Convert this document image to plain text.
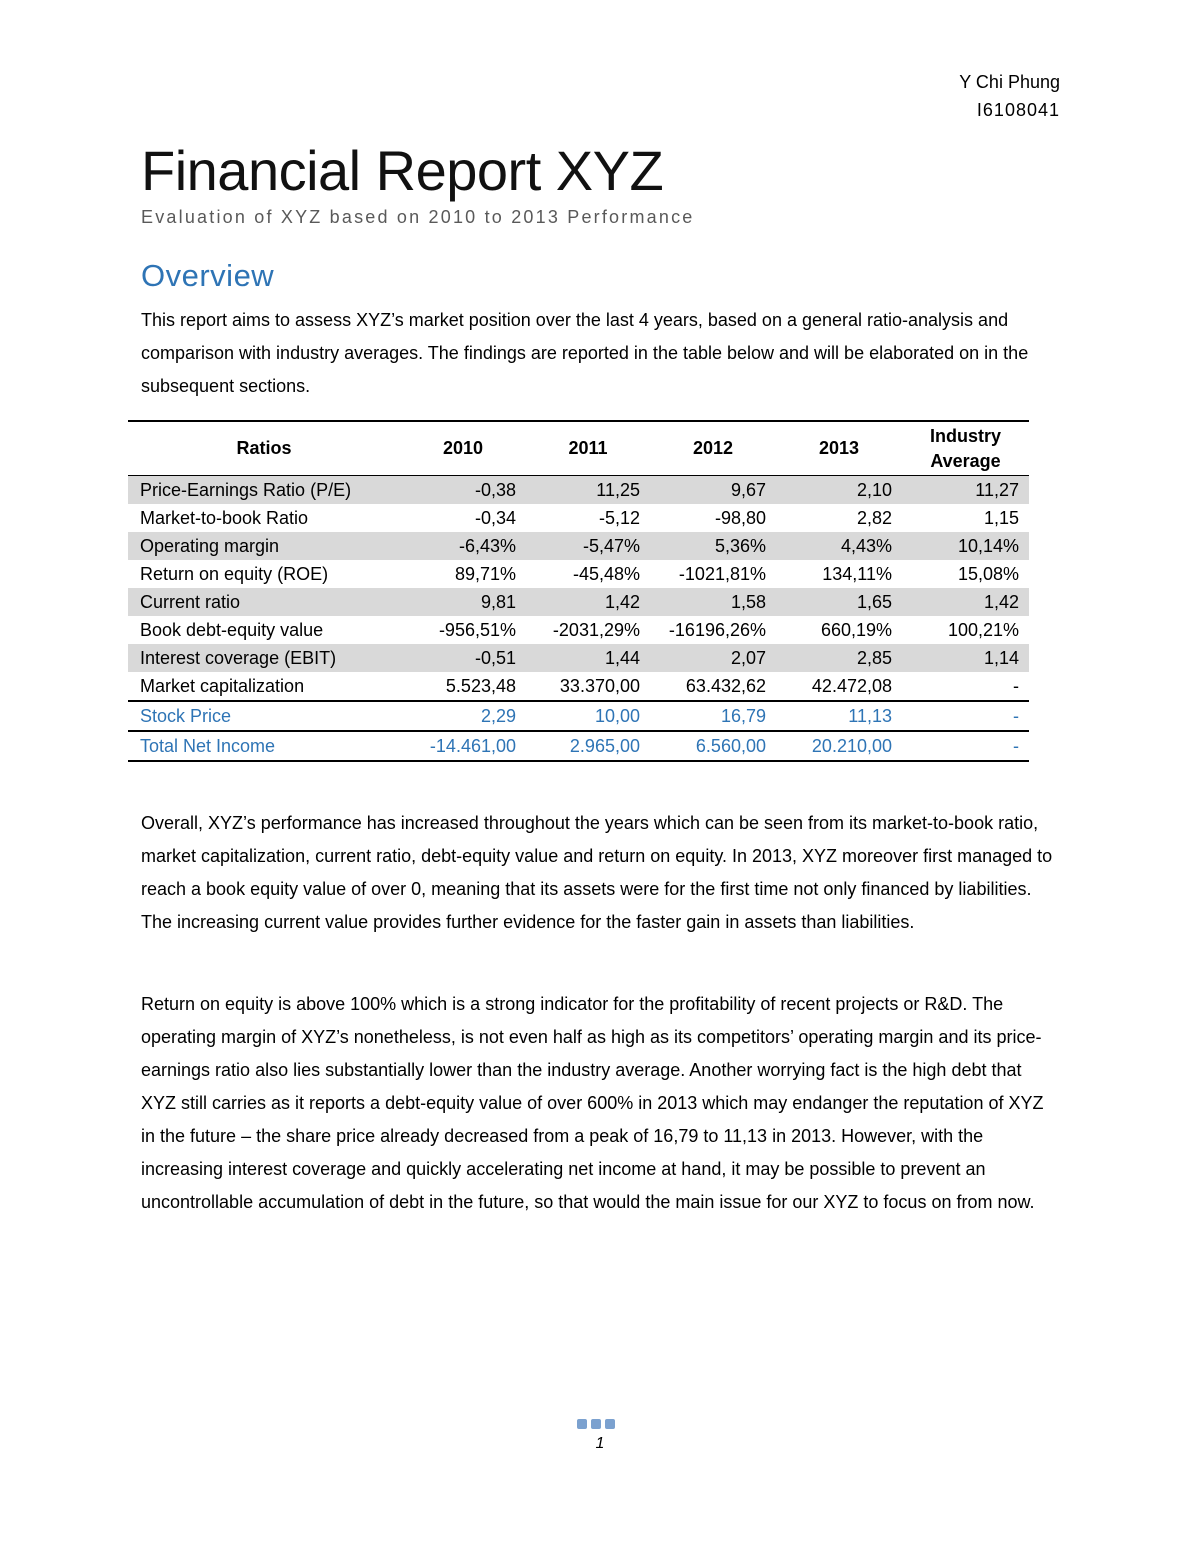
Y Chi Phung
I6108041
Financial Report XYZ
Evaluation of XYZ based on 2010 to 2013 Performance
Overview
This report aims to assess XYZ’s market position over the last 4 years, based on a general ratio-analysis and comparison with industry averages. The findings are reported in the table below and will be elaborated on in the subsequent sections.
Ratios	2010	2011	2012	2013	Industry Average
Price-Earnings Ratio (P/E)	-0,38	11,25	9,67	2,10	11,27
Market-to-book Ratio	-0,34	-5,12	-98,80	2,82	1,15
Operating margin	-6,43%	-5,47%	5,36%	4,43%	10,14%
Return on equity (ROE)	89,71%	-45,48%	-1021,81%	134,11%	15,08%
Current ratio	9,81	1,42	1,58	1,65	1,42
Book debt-equity value	-956,51%	-2031,29%	-16196,26%	660,19%	100,21%
Interest coverage (EBIT)	-0,51	1,44	2,07	2,85	1,14
Market capitalization	5.523,48	33.370,00	63.432,62	42.472,08	-
Stock Price	2,29	10,00	16,79	11,13	-
Total Net Income	-14.461,00	2.965,00	6.560,00	20.210,00	-
Overall, XYZ’s performance has increased throughout the years which can be seen from its market-to-book ratio, market capitalization, current ratio, debt-equity value and return on equity. In 2013, XYZ moreover first managed to reach a book equity value of over 0, meaning that its assets were for the first time not only financed by liabilities. The increasing current value provides further evidence for the faster gain in assets than liabilities.
Return on equity is above 100% which is a strong indicator for the profitability of recent projects or R&D. The operating margin of XYZ’s nonetheless, is not even half as high as its competitors’ operating margin and its price-earnings ratio also lies substantially lower than the industry average. Another worrying fact is the high debt that XYZ still carries as it reports a debt-equity value of over 600% in 2013 which may endanger the reputation of XYZ in the future – the share price already decreased from a peak of 16,79 to 11,13 in 2013. However, with the increasing interest coverage and quickly accelerating net income at hand, it may be possible to prevent an uncontrollable accumulation of debt in the future, so that would the main issue for our XYZ to focus on from now.
1
